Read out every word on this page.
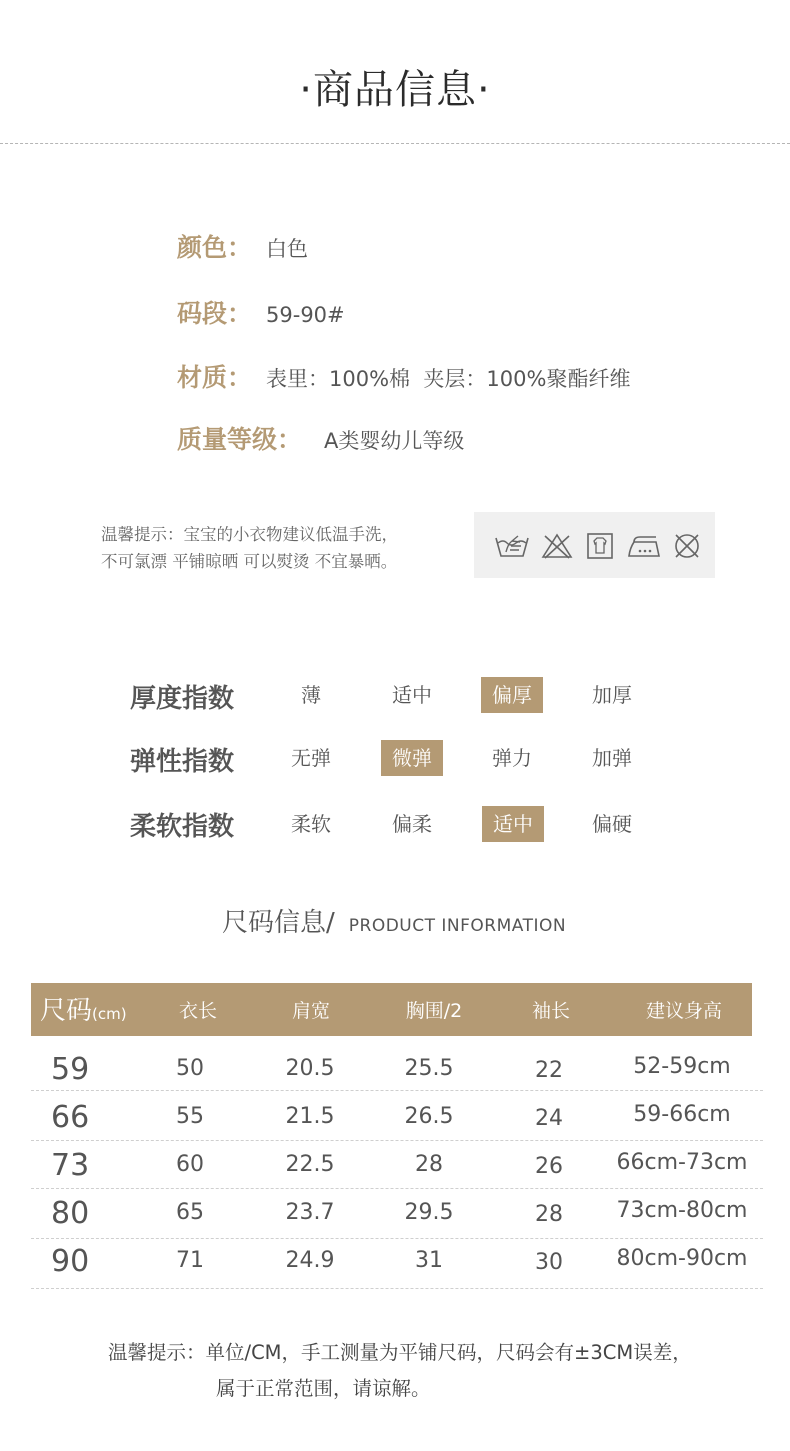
·商品信息·
颜色： 白色
码段： 59-90#
材质： 表里：100%棉  夹层：100%聚酯纤维
质量等级： A类婴幼儿等级
温馨提示：宝宝的小衣物建议低温手洗，
不可氯漂 平铺晾晒 可以熨烫 不宜暴晒。
厚度指数	薄	适中	偏厚	加厚
弹性指数	无弹	微弹	弹力	加弹
柔软指数	柔软	偏柔	适中	偏硬
尺码信息/ PRODUCT INFORMATION
尺码(cm)	衣长	肩宽	胸围/2	袖长	建议身高
59	50	20.5	25.5	22	52-59cm
66	55	21.5	26.5	24	59-66cm
73	60	22.5	28	26	66cm-73cm
80	65	23.7	29.5	28	73cm-80cm
90	71	24.9	31	30	80cm-90cm
温馨提示：单位/CM，手工测量为平铺尺码，尺码会有±3CM误差，
属于正常范围，请谅解。
